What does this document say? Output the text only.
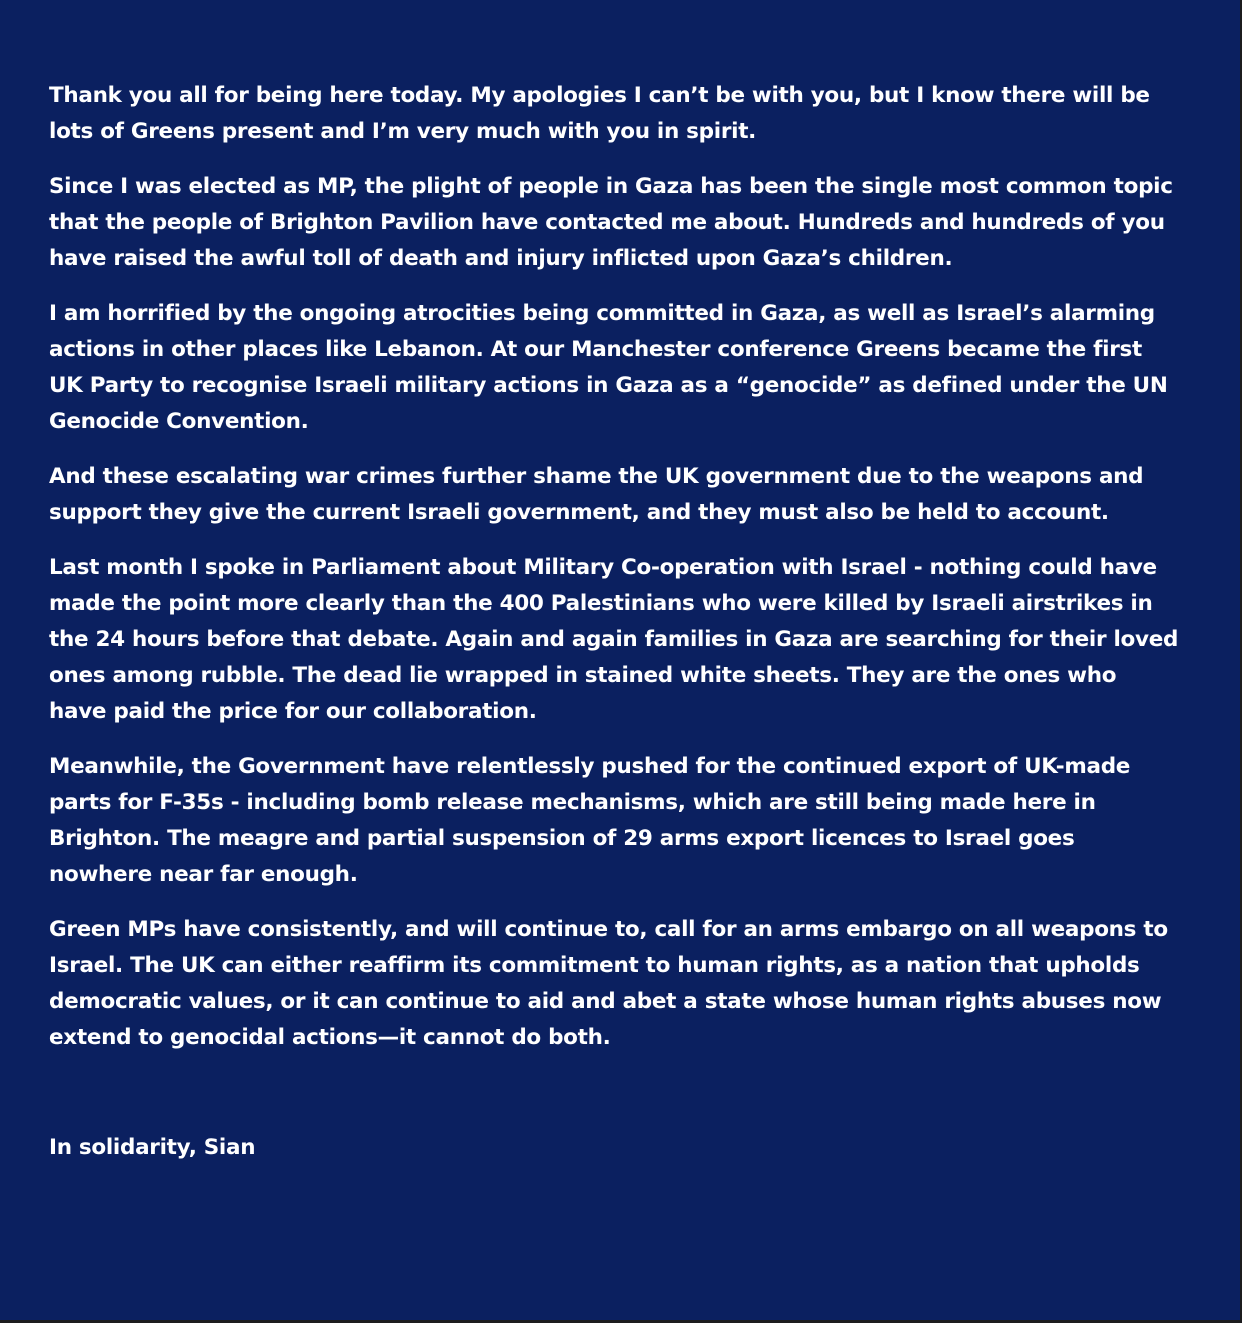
Thank you all for being here today. My apologies I can’t be with you, but I know there will be lots of Greens present and I’m very much with you in spirit.

Since I was elected as MP, the plight of people in Gaza has been the single most common topic that the people of Brighton Pavilion have contacted me about. Hundreds and hundreds of you have raised the awful toll of death and injury inflicted upon Gaza’s children.

I am horrified by the ongoing atrocities being committed in Gaza, as well as Israel’s alarming actions in other places like Lebanon. At our Manchester conference Greens became the first UK Party to recognise Israeli military actions in Gaza as a “genocide” as defined under the UN Genocide Convention.

And these escalating war crimes further shame the UK government due to the weapons and support they give the current Israeli government, and they must also be held to account.

Last month I spoke in Parliament about Military Co-operation with Israel - nothing could have made the point more clearly than the 400 Palestinians who were killed by Israeli airstrikes in the 24 hours before that debate. Again and again families in Gaza are searching for their loved ones among rubble. The dead lie wrapped in stained white sheets. They are the ones who have paid the price for our collaboration.

Meanwhile, the Government have relentlessly pushed for the continued export of UK-made parts for F-35s - including bomb release mechanisms, which are still being made here in Brighton. The meagre and partial suspension of 29 arms export licences to Israel goes nowhere near far enough.

Green MPs have consistently, and will continue to, call for an arms embargo on all weapons to Israel. The UK can either reaffirm its commitment to human rights, as a nation that upholds democratic values, or it can continue to aid and abet a state whose human rights abuses now extend to genocidal actions—it cannot do both.

In solidarity, Sian
